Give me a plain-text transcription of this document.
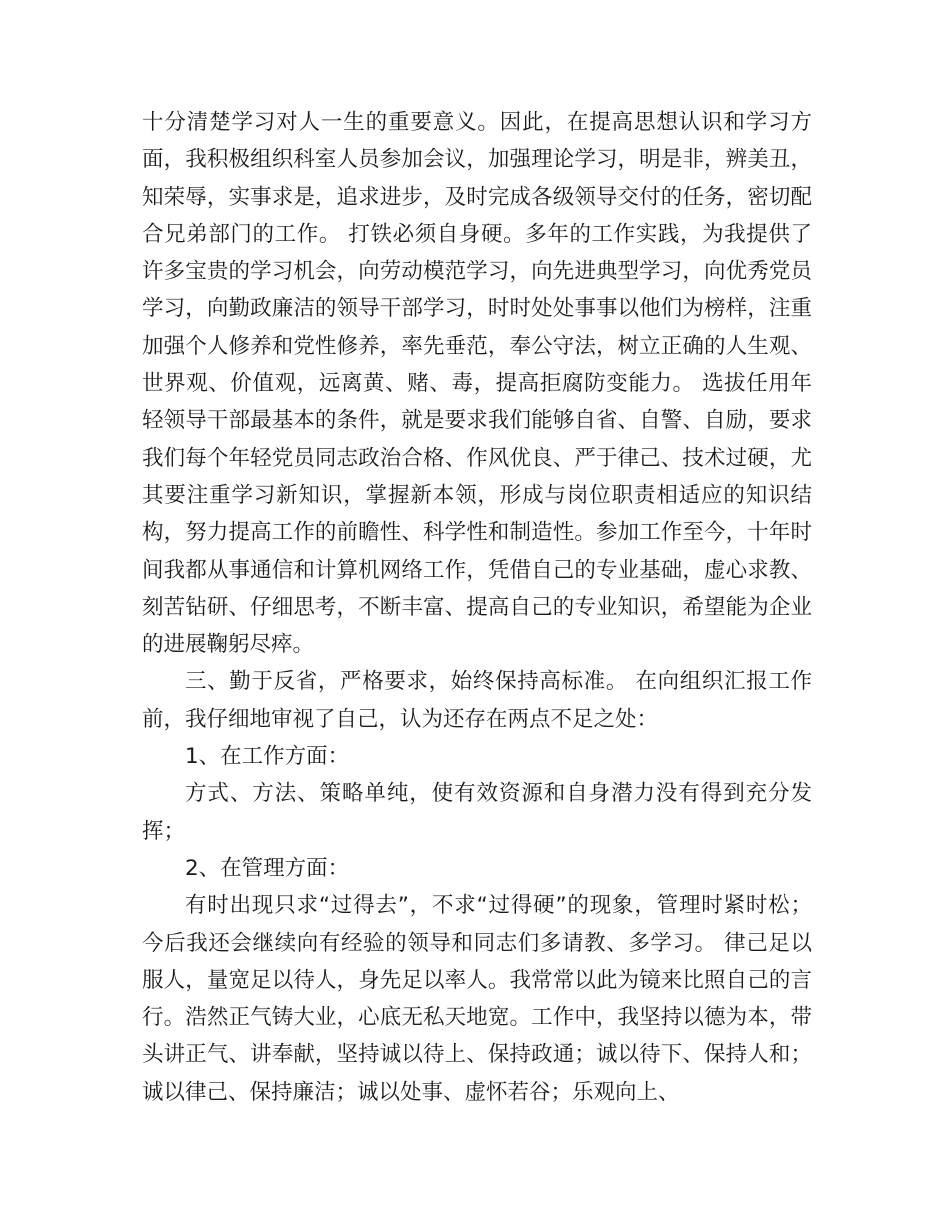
十分清楚学习对人一生的重要意义。因此，在提高思想认识和学习方面，我积极组织科室人员参加会议，加强理论学习，明是非，辨美丑，知荣辱，实事求是，追求进步，及时完成各级领导交付的任务，密切配合兄弟部门的工作。 打铁必须自身硬。多年的工作实践，为我提供了许多宝贵的学习机会，向劳动模范学习，向先进典型学习，向优秀党员学习，向勤政廉洁的领导干部学习，时时处处事事以他们为榜样，注重加强个人修养和党性修养，率先垂范，奉公守法，树立正确的人生观、世界观、价值观，远离黄、赌、毒，提高拒腐防变能力。 选拔任用年轻领导干部最基本的条件，就是要求我们能够自省、自警、自励，要求我们每个年轻党员同志政治合格、作风优良、严于律己、技术过硬，尤其要注重学习新知识，掌握新本领，形成与岗位职责相适应的知识结构，努力提高工作的前瞻性、科学性和制造性。参加工作至今，十年时间我都从事通信和计算机网络工作，凭借自己的专业基础，虚心求教、刻苦钻研、仔细思考，不断丰富、提高自己的专业知识，希望能为企业的进展鞠躬尽瘁。

三、勤于反省，严格要求，始终保持高标准。 在向组织汇报工作前，我仔细地审视了自己，认为还存在两点不足之处：

1、在工作方面：

方式、方法、策略单纯，使有效资源和自身潜力没有得到充分发挥；

2、在管理方面：

有时出现只求“过得去”，不求“过得硬”的现象，管理时紧时松； 今后我还会继续向有经验的领导和同志们多请教、多学习。 律己足以服人，量宽足以待人，身先足以率人。我常常以此为镜来比照自己的言行。浩然正气铸大业，心底无私天地宽。工作中，我坚持以德为本，带头讲正气、讲奉献，坚持诚以待上、保持政通；诚以待下、保持人和；诚以律己、保持廉洁；诚以处事、虚怀若谷；乐观向上、
